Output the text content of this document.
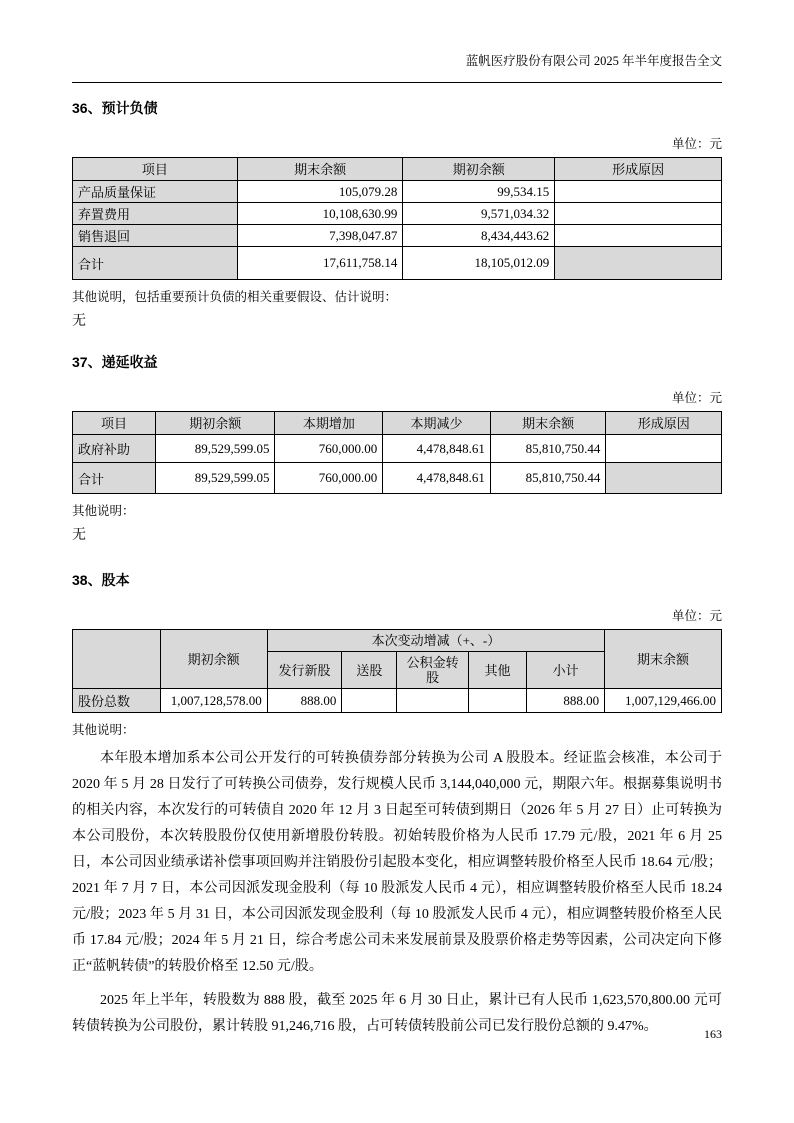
蓝帆医疗股份有限公司 2025 年半年度报告全文
36、预计负债
单位：元
项目	期末余额	期初余额	形成原因
产品质量保证	105,079.28	99,534.15	
弃置费用	10,108,630.99	9,571,034.32	
销售退回	7,398,047.87	8,434,443.62	
合计	17,611,758.14	18,105,012.09	
其他说明，包括重要预计负债的相关重要假设、估计说明：
无
37、递延收益
单位：元
项目	期初余额	本期增加	本期减少	期末余额	形成原因
政府补助	89,529,599.05	760,000.00	4,478,848.61	85,810,750.44	
合计	89,529,599.05	760,000.00	4,478,848.61	85,810,750.44	
其他说明：
无
38、股本
单位：元
	期初余额	本次变动增减（+、-）					期末余额
		发行新股	送股	公积金转股	其他	小计	
股份总数	1,007,128,578.00	888.00				888.00	1,007,129,466.00
其他说明：

本年股本增加系本公司公开发行的可转换债券部分转换为公司 A 股股本。经证监会核准，本公司于 2020 年 5 月 28 日发行了可转换公司债券，发行规模人民币 3,144,040,000 元，期限六年。根据募集说明书的相关内容，本次发行的可转债自 2020 年 12 月 3 日起至可转债到期日（2026 年 5 月 27 日）止可转换为本公司股份，本次转股股份仅使用新增股份转股。初始转股价格为人民币 17.79 元/股，2021 年 6 月 25 日，本公司因业绩承诺补偿事项回购并注销股份引起股本变化，相应调整转股价格至人民币 18.64 元/股；2021 年 7 月 7 日，本公司因派发现金股利（每 10 股派发人民币 4 元），相应调整转股价格至人民币 18.24 元/股；2023 年 5 月 31 日，本公司因派发现金股利（每 10 股派发人民币 4 元），相应调整转股价格至人民币 17.84 元/股；2024 年 5 月 21 日，综合考虑公司未来发展前景及股票价格走势等因素，公司决定向下修正“蓝帆转债”的转股价格至 12.50 元/股。

2025 年上半年，转股数为 888 股，截至 2025 年 6 月 30 日止，累计已有人民币 1,623,570,800.00 元可转债转换为公司股份，累计转股 91,246,716 股，占可转债转股前公司已发行股份总额的 9.47%。	163
